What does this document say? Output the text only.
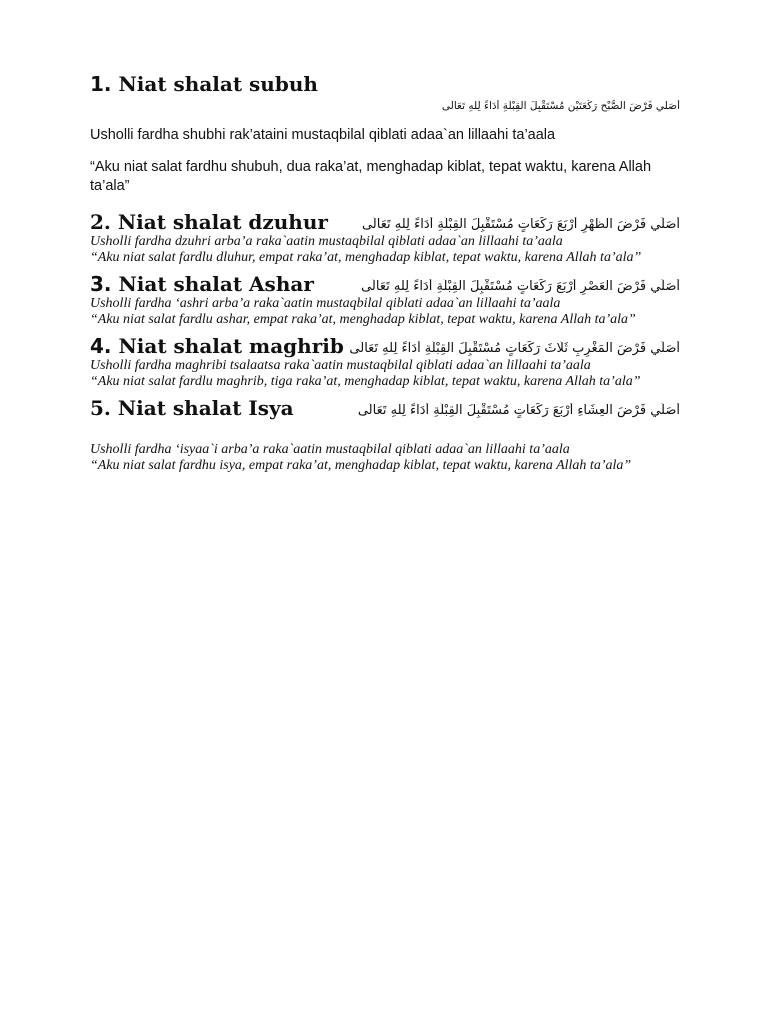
1. Niat shalat subuh
أُصَلِّي فَرْضَ الصُّبْحِ رَكْعَتَيْنِ مُسْتَقْبِلَ الْقِبْلَةِ أَدَاءً لِلهِ تَعَالَى

Usholli fardha shubhi rak’ataini mustaqbilal qiblati adaa`an lillaahi ta’aala

“Aku niat salat fardhu shubuh, dua raka’at, menghadap kiblat, tepat waktu, karena Allah ta’ala”

2. Niat shalat dzuhur	أُصَلِّي فَرْضَ الظُّهْرِ أَرْبَعَ رَكَعَاتٍ مُسْتَقْبِلَ الْقِبْلَةِ أَدَاءً لِلهِ تَعَالَى

Usholli fardha dzuhri arba’a raka`aatin mustaqbilal qiblati adaa`an lillaahi ta’aala

“Aku niat salat fardlu dluhur, empat raka’at, menghadap kiblat, tepat waktu, karena Allah ta’ala”

3. Niat shalat Ashar	أُصَلِّي فَرْضَ الْعَصْرِ أَرْبَعَ رَكَعَاتٍ مُسْتَقْبِلَ الْقِبْلَةِ أَدَاءً لِلهِ تَعَالَى

Usholli fardha ‘ashri arba’a raka`aatin mustaqbilal qiblati adaa`an lillaahi ta’aala

“Aku niat salat fardlu ashar, empat raka’at, menghadap kiblat, tepat waktu, karena Allah ta’ala”

4. Niat shalat maghrib أُصَلِّي فَرْضَ الْمَغْرِبِ ثَلَاثَ رَكَعَاتٍ مُسْتَقْبِلَ الْقِبْلَةِ أَدَاءً لِلهِ تَعَالَى

Usholli fardha maghribi tsalaatsa raka`aatin mustaqbilal qiblati adaa`an lillaahi ta’aala

“Aku niat salat fardlu maghrib, tiga raka’at, menghadap kiblat, tepat waktu, karena Allah ta’ala”

5. Niat shalat Isya	أُصَلِّي فَرْضَ الْعِشَاءِ أَرْبَعَ رَكَعَاتٍ مُسْتَقْبِلَ الْقِبْلَةِ أَدَاءً لِلهِ تَعَالَى

Usholli fardha ‘isyaa`i arba’a raka`aatin mustaqbilal qiblati adaa`an lillaahi ta’aala

“Aku niat salat fardhu isya, empat raka’at, menghadap kiblat, tepat waktu, karena Allah ta’ala”
